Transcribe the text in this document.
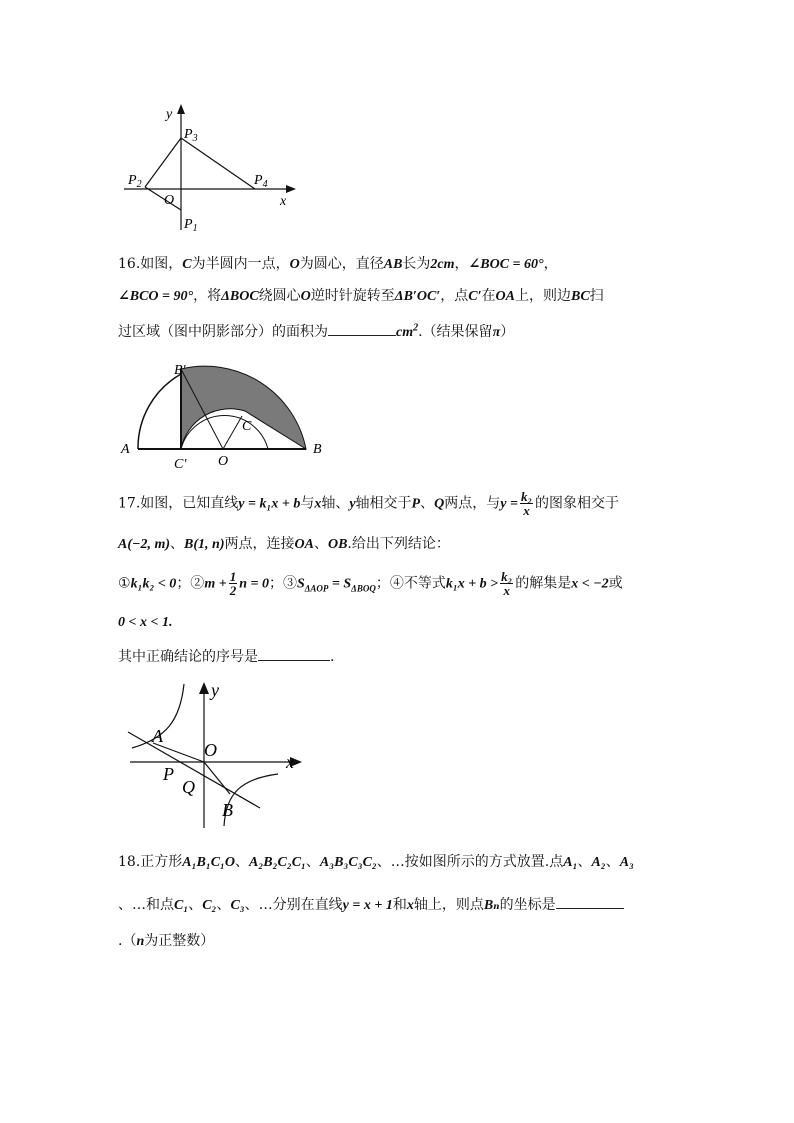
y
x
O
$P_1$
$P_2$
$P_3$
$P_4$
16.如图，C为半圆内一点，O为圆心，直径AB长为2cm，∠BOC = 60°，
∠BCO = 90°，将ΔBOC绕圆心O逆时针旋转至ΔB′OC′，点C′在OA上，则边BC扫
过区域（图中阴影部分）的面积为	$cm^2$.（结果保留π）
B′
A
C′ O
B
C
17.如图，已知直线y = k₁x + b与x轴、y轴相交于P、Q两点，与$y = \frac{\text{k₂}}{x}$ 的图象相交于
A(−2, m)、B(1, n)两点，连接OA、OB.给出下列结论：
①k₁k₂ < 0；②m + $\frac{1}{2}$ n = 0；$③S_{\Delta AOP} = S_{\Delta BOQ}$；④不等式$k_1x + b > \frac{\text{k₂}}{x}$ 的解集是x < −2或
0 < x < 1.
其中正确结论的序号是	.
y
x
A
O
P
Q
B
18.正方形A₁B₁C₁O、A₂B₂C₂C₁、A₃B₃C₃C₂、…按如图所示的方式放置.点A₁、A₂、A₃
、…和点C₁、C₂、C₃、…分别在直线y = x + 1和x轴上，则点Bₙ的坐标是
.（n为正整数）
